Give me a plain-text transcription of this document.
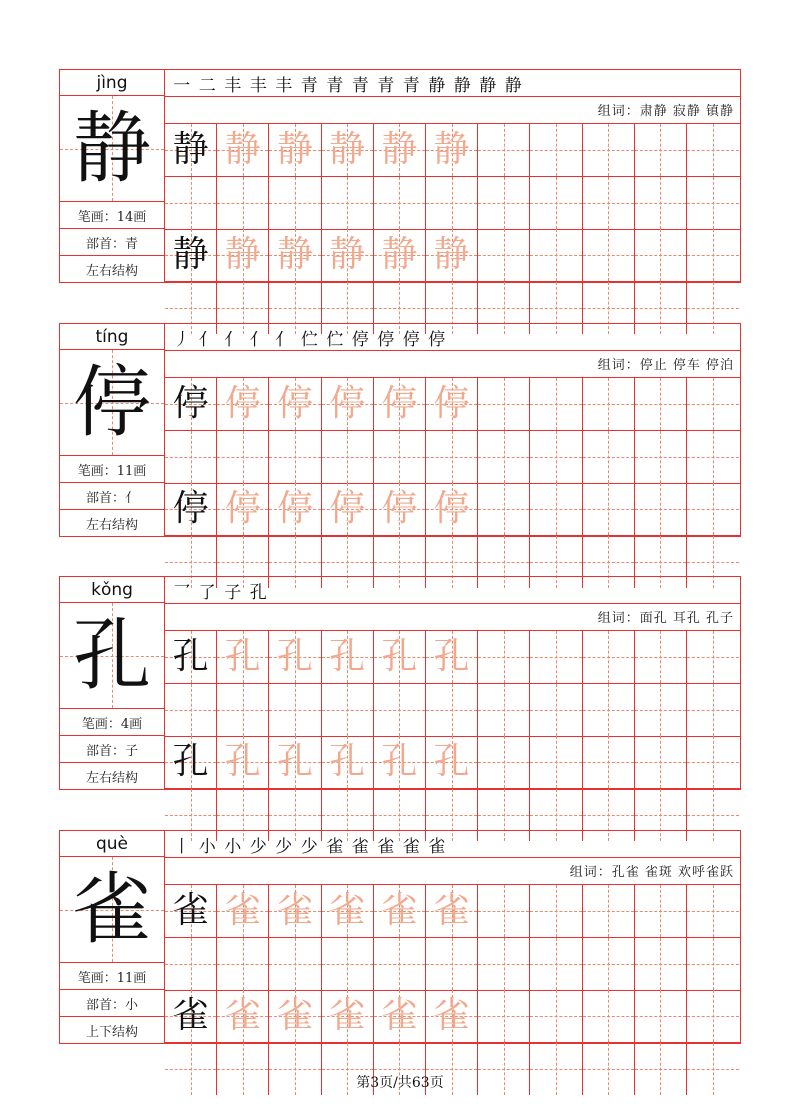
jìng
静
笔画：14画
部首：青
左右结构
一 二 丰 丰 丰 青 青 青 青 青 静 静 静 静
组词：肃静 寂静 镇静
静 静 静 静 静 静
静 静 静 静 静 静
tíng
停
笔画：11画
部首：亻
左右结构
丿 亻 亻 亻 亻 伫 伫 停 停 停 停
组词：停止 停车 停泊
停 停 停 停 停 停
停 停 停 停 停 停
kǒng
孔
笔画：4画
部首：子
左右结构
乛 了 子 孔
组词：面孔 耳孔 孔子
孔 孔 孔 孔 孔 孔
孔 孔 孔 孔 孔 孔
què
雀
笔画：11画
部首：小
上下结构
丨 小 小 少 少 少 雀 雀 雀 雀 雀
组词：孔雀 雀斑 欢呼雀跃
雀 雀 雀 雀 雀 雀
雀 雀 雀 雀 雀 雀
第3页/共63页
